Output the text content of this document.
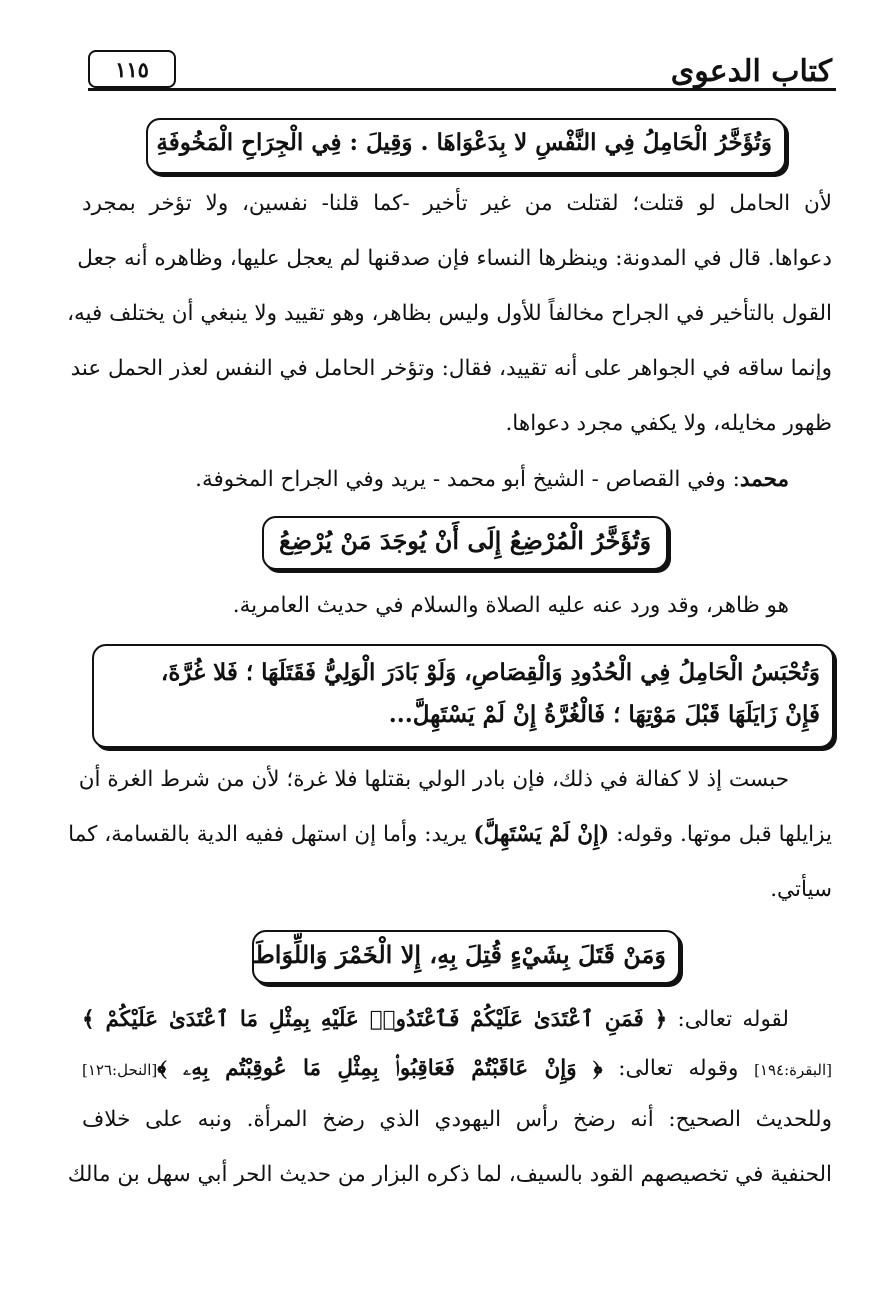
١١٥	كتاب الدعوى
وَتُؤَخَّرُ الْحَامِلُ فِي النَّفْسِ لا بِدَعْوَاهَا . وَقِيلَ : فِي الْجِرَاحِ الْمَخُوفَةِ
لأن الحامل لو قتلت؛ لقتلت من غير تأخير -كما قلنا- نفسين، ولا تؤخر بمجرد
دعواها. قال في المدونة: وينظرها النساء فإن صدقنها لم يعجل عليها، وظاهره أنه جعل
القول بالتأخير في الجراح مخالفاً للأول وليس بظاهر، وهو تقييد ولا ينبغي أن يختلف فيه،
وإنما ساقه في الجواهر على أنه تقييد، فقال: وتؤخر الحامل في النفس لعذر الحمل عند
ظهور مخايله، ولا يكفي مجرد دعواها.
  محمد: وفي القصاص - الشيخ أبو محمد - يريد وفي الجراح المخوفة.
وَتُؤَخَّرُ الْمُرْضِعُ إِلَى أَنْ يُوجَدَ مَنْ يُرْضِعُ
  هو ظاهر، وقد ورد عنه عليه الصلاة والسلام في حديث العامرية.
وَتُحْبَسُ الْحَامِلُ فِي الْحُدُودِ وَالْقِصَاصِ، وَلَوْ بَادَرَ الْوَلِيُّ فَقَتَلَهَا ؛ فَلا غُرَّةَ،
فَإِنْ زَايَلَهَا قَبْلَ مَوْتِهَا ؛ فَالْغُرَّةُ إِنْ لَمْ يَسْتَهِلَّ...
  حبست إذ لا كفالة في ذلك، فإن بادر الولي بقتلها فلا غرة؛ لأن من شرط الغرة أن
يزايلها قبل موتها. وقوله: (إِنْ لَمْ يَسْتَهِلَّ) يريد: وأما إن استهل ففيه الدية بالقسامة، كما
سيأتي.
وَمَنْ قَتَلَ بِشَيْءٍ قُتِلَ بِهِ، إِلا الْخَمْرَ وَاللِّوَاطَ
  لقوله تعالى: ﴿ فَمَنِ ٱعْتَدَىٰ عَلَيْكُمْ فَٱعْتَدُوا۟ عَلَيْهِ بِمِثْلِ مَا ٱعْتَدَىٰ عَلَيْكُمْ ﴾
[البقرة:١٩٤] وقوله تعالى: ﴿ وَإِنْ عَاقَبْتُمْ فَعَاقِبُوا۟ بِمِثْلِ مَا عُوقِبْتُم بِهِۦ ﴾[النحل:١٢٦]
وللحديث الصحيح: أنه رضخ رأس اليهودي الذي رضخ المرأة. ونبه على خلاف
الحنفية في تخصيصهم القود بالسيف، لما ذكره البزار من حديث الحر أبي سهل بن مالك
